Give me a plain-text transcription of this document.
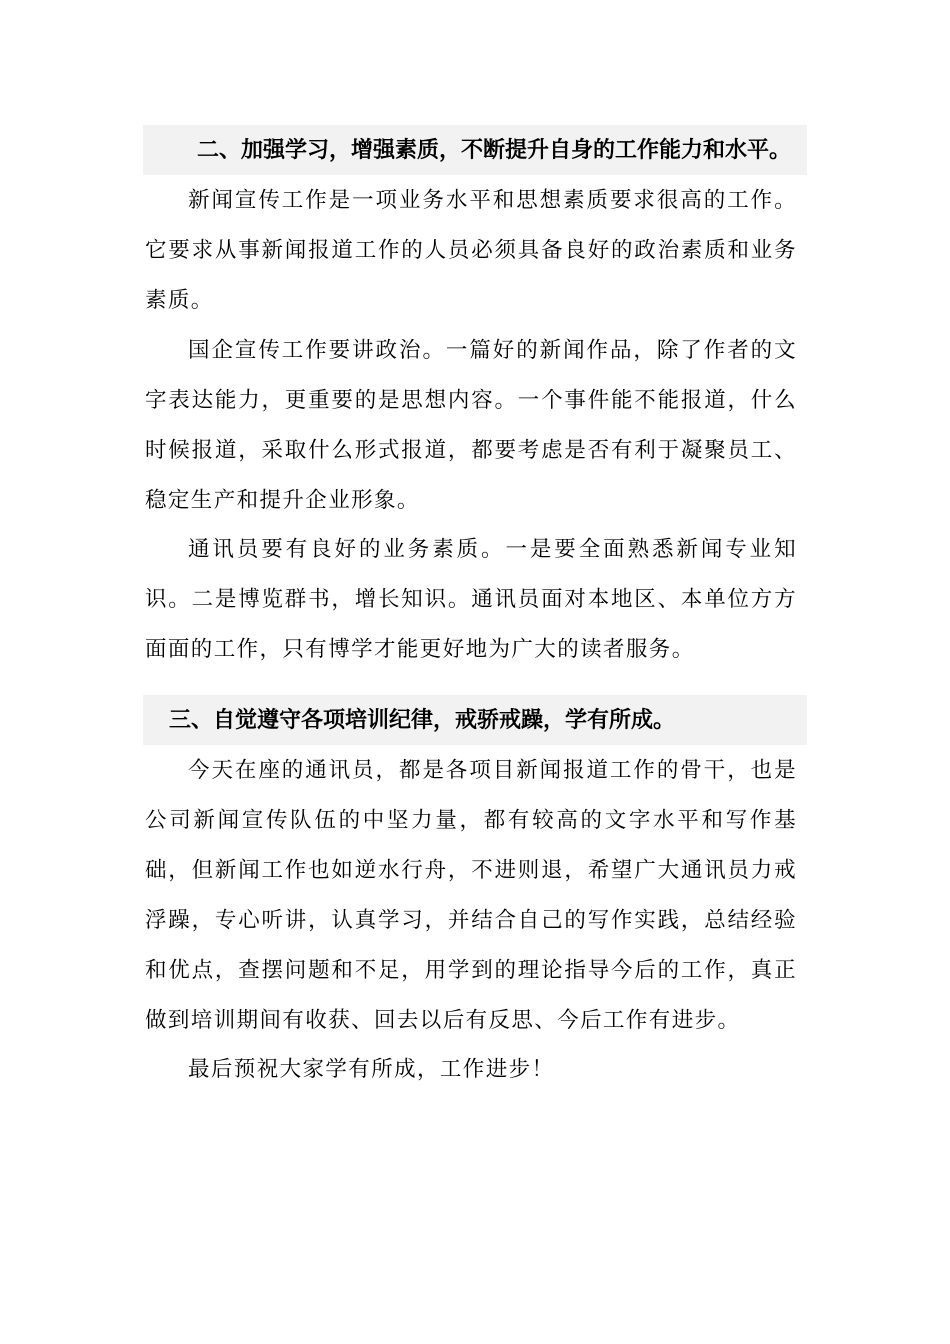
二、加强学习，增强素质，不断提升自身的工作能力和水平。

新闻宣传工作是一项业务水平和思想素质要求很高的工作。它要求从事新闻报道工作的人员必须具备良好的政治素质和业务素质。

国企宣传工作要讲政治。一篇好的新闻作品，除了作者的文字表达能力，更重要的是思想内容。一个事件能不能报道，什么时候报道，采取什么形式报道，都要考虑是否有利于凝聚员工、稳定生产和提升企业形象。

通讯员要有良好的业务素质。一是要全面熟悉新闻专业知识。二是博览群书，增长知识。通讯员面对本地区、本单位方方面面的工作，只有博学才能更好地为广大的读者服务。

三、自觉遵守各项培训纪律，戒骄戒躁，学有所成。

今天在座的通讯员，都是各项目新闻报道工作的骨干，也是公司新闻宣传队伍的中坚力量，都有较高的文字水平和写作基础，但新闻工作也如逆水行舟，不进则退，希望广大通讯员力戒浮躁，专心听讲，认真学习，并结合自己的写作实践，总结经验和优点，查摆问题和不足，用学到的理论指导今后的工作，真正做到培训期间有收获、回去以后有反思、今后工作有进步。

最后预祝大家学有所成，工作进步！
